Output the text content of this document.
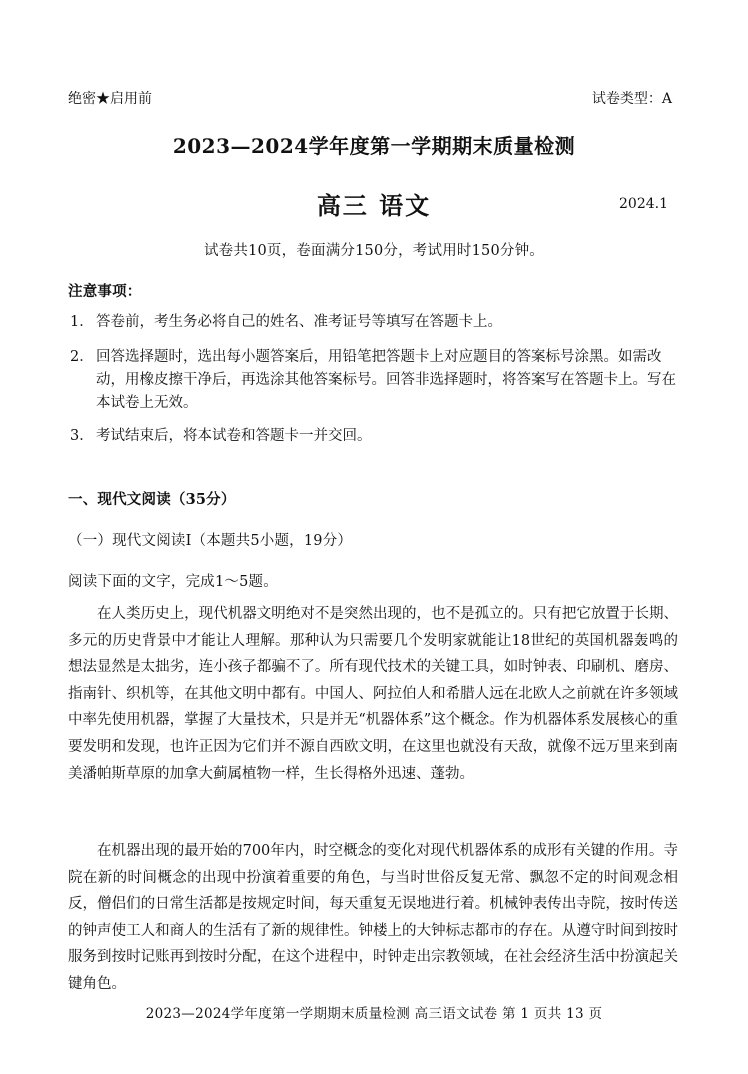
绝密★启用前	试卷类型：A
2023—2024学年度第一学期期末质量检测
高三 语文	2024.1
试卷共10页，卷面满分150分，考试用时150分钟。
注意事项：
1． 答卷前，考生务必将自己的姓名、准考证号等填写在答题卡上。
2． 回答选择题时，选出每小题答案后，用铅笔把答题卡上对应题目的答案标号涂黑。如需改动，用橡皮擦干净后，再选涂其他答案标号。回答非选择题时，将答案写在答题卡上。写在本试卷上无效。
3． 考试结束后，将本试卷和答题卡一并交回。
一、现代文阅读（35分）
（一）现代文阅读Ⅰ（本题共5小题，19分）
阅读下面的文字，完成1～5题。
在人类历史上，现代机器文明绝对不是突然出现的，也不是孤立的。只有把它放置于长期、多元的历史背景中才能让人理解。那种认为只需要几个发明家就能让18世纪的英国机器轰鸣的想法显然是太拙劣，连小孩子都骗不了。所有现代技术的关键工具，如时钟表、印刷机、磨房、指南针、织机等，在其他文明中都有。中国人、阿拉伯人和希腊人远在北欧人之前就在许多领域中率先使用机器，掌握了大量技术，只是并无“机器体系”这个概念。作为机器体系发展核心的重要发明和发现，也许正因为它们并不源自西欧文明，在这里也就没有天敌，就像不远万里来到南美潘帕斯草原的加拿大蓟属植物一样，生长得格外迅速、蓬勃。
在机器出现的最开始的700年内，时空概念的变化对现代机器体系的成形有关键的作用。寺院在新的时间概念的出现中扮演着重要的角色，与当时世俗反复无常、飘忽不定的时间观念相反，僧侣们的日常生活都是按规定时间，每天重复无误地进行着。机械钟表传出寺院，按时传送的钟声使工人和商人的生活有了新的规律性。钟楼上的大钟标志都市的存在。从遵守时间到按时服务到按时记账再到按时分配，在这个进程中，时钟走出宗教领域，在社会经济生活中扮演起关键角色。
2023—2024学年度第一学期期末质量检测 高三语文试卷 第 1 页共 13 页
